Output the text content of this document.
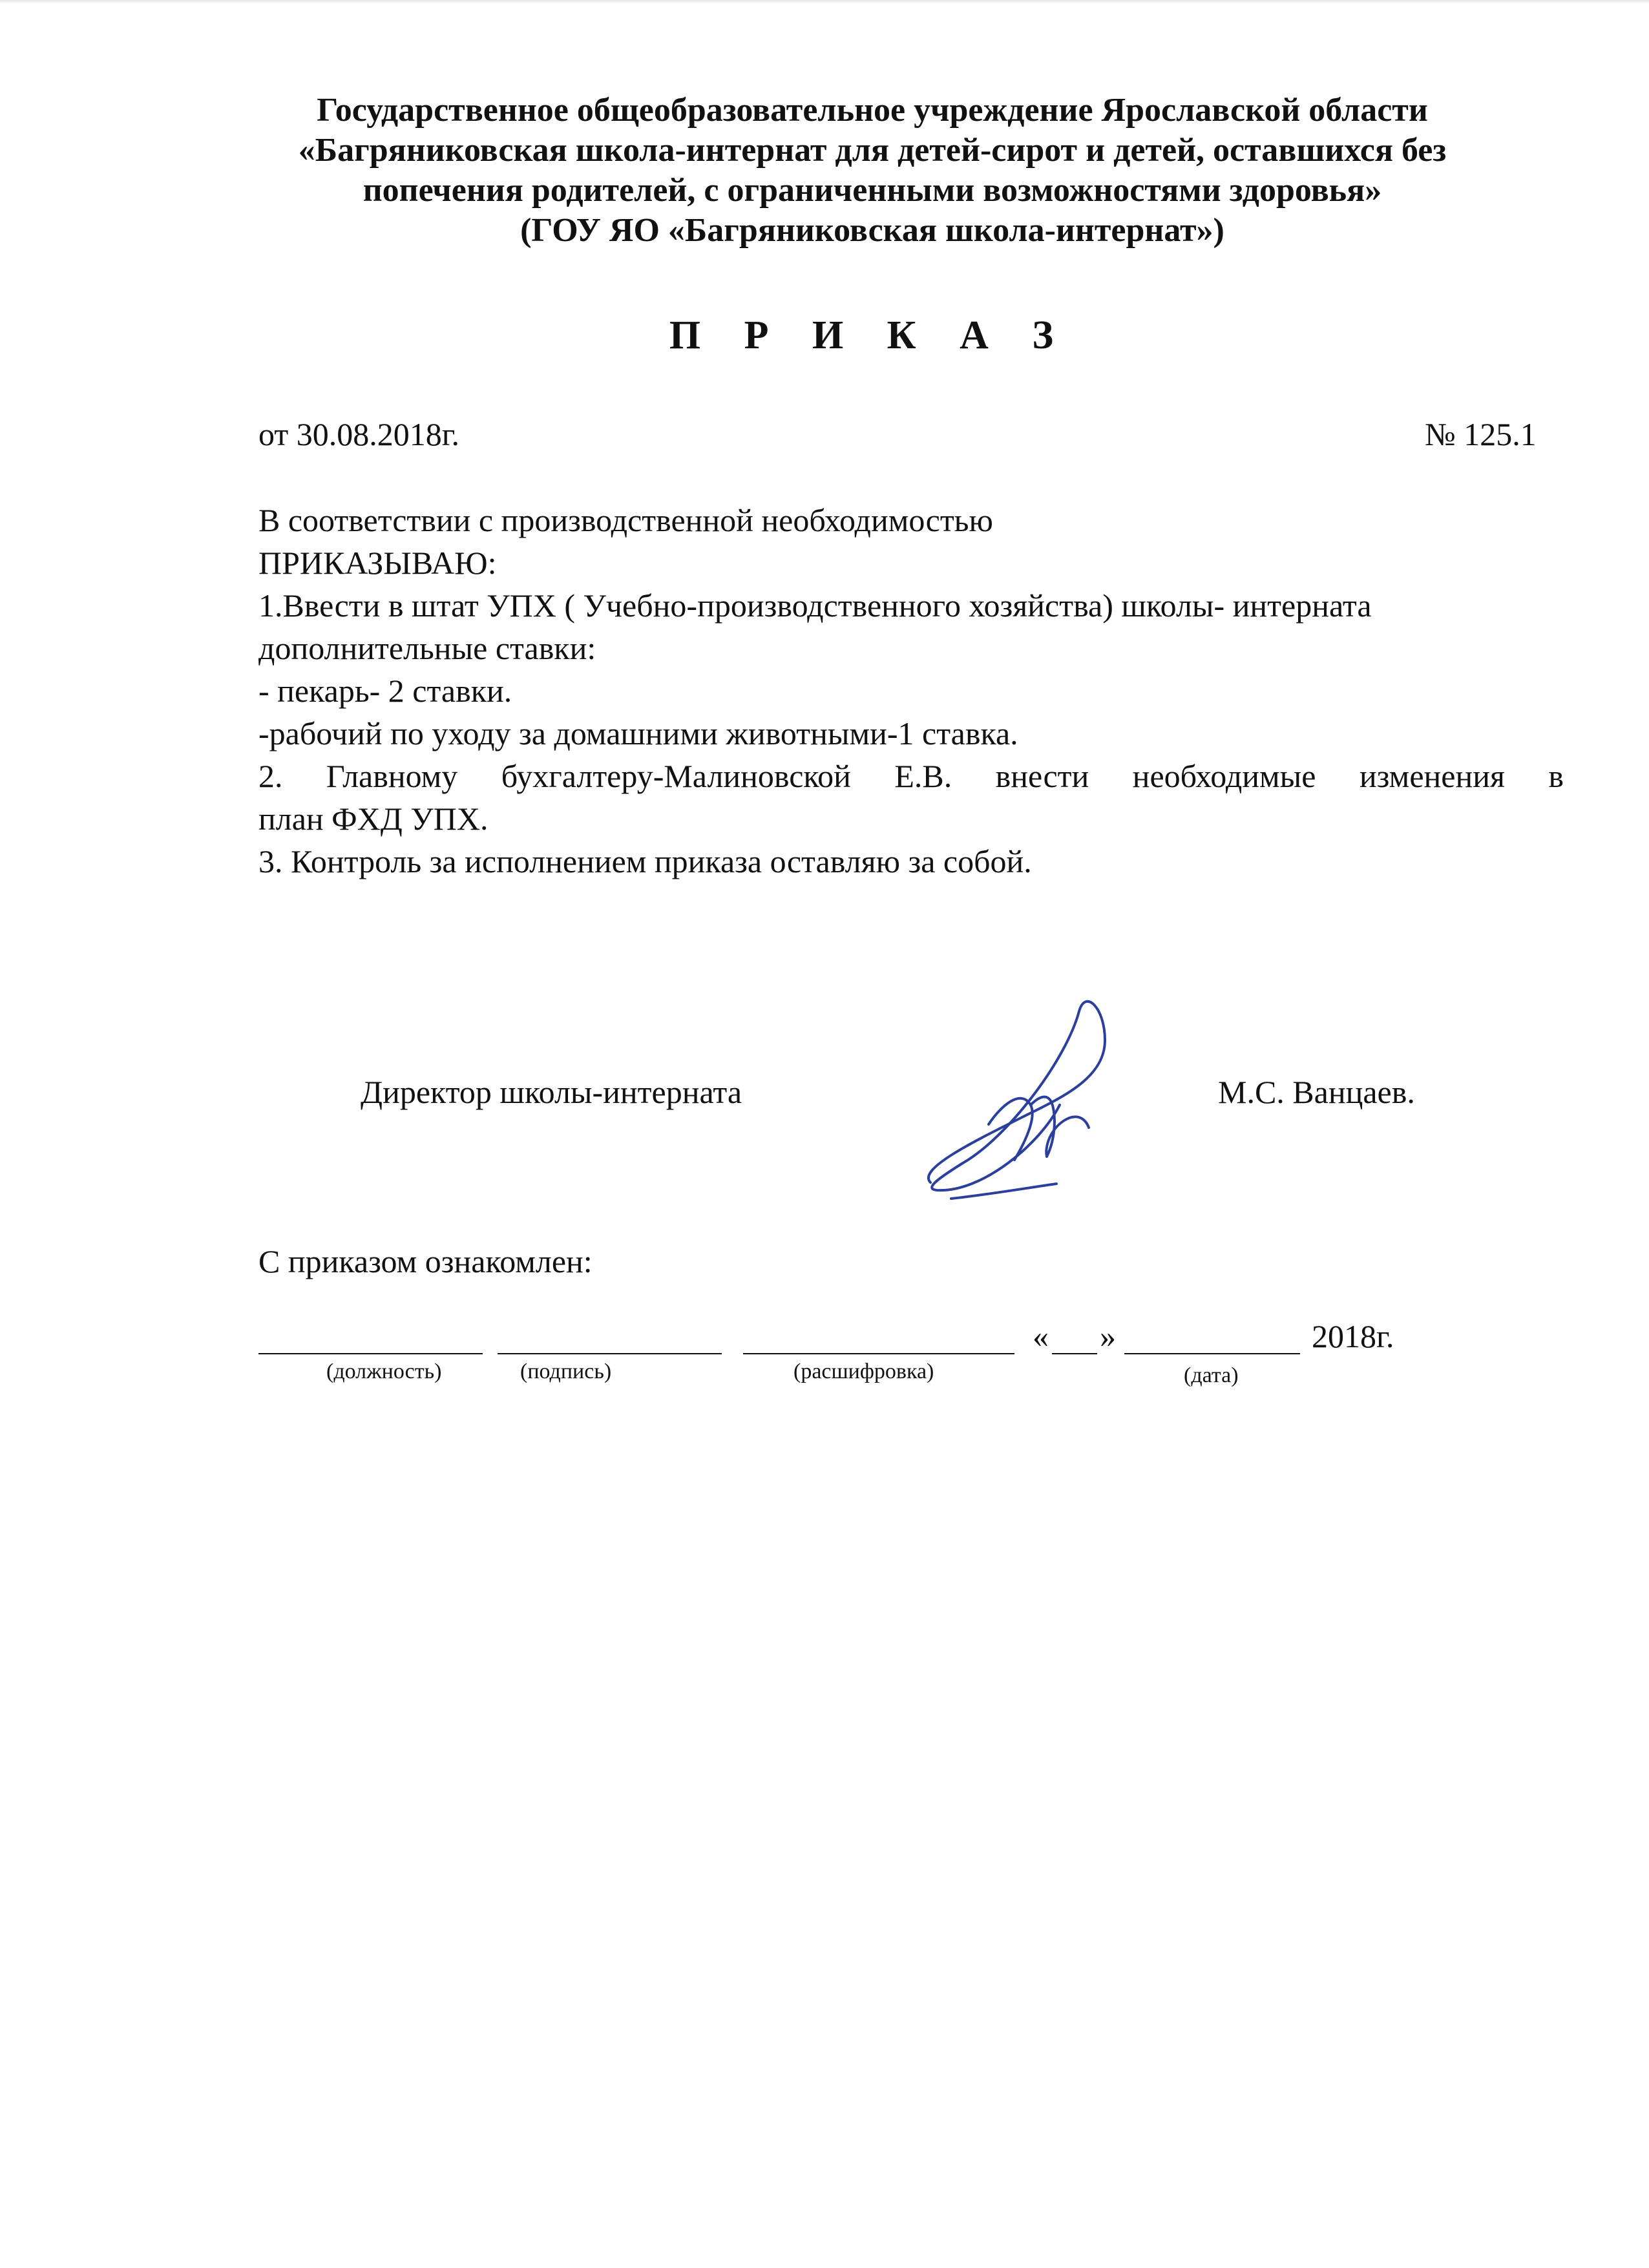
Государственное общеобразовательное учреждение Ярославской области
«Багряниковская школа-интернат для детей-сирот и детей, оставшихся без
попечения родителей, с ограниченными возможностями здоровья»
(ГОУ ЯО «Багряниковская школа-интернат»)
П Р И К А З
от 30.08.2018г.	№ 125.1
В соответствии с производственной необходимостью
ПРИКАЗЫВАЮ:
1.Ввести в штат УПХ ( Учебно-производственного хозяйства) школы- интерната
дополнительные ставки:
- пекарь- 2 ставки.
-рабочий по уходу за домашними животными-1 ставка.
2. Главному бухгалтеру-Малиновской Е.В. внести необходимые изменения в
план ФХД УПХ.
3. Контроль за исполнением приказа оставляю за собой.
Директор школы-интерната	М.С. Ванцаев.
С приказом ознакомлен:
« »	2018г.
(должность)	(подпись)	(расшифровка)	(дата)
